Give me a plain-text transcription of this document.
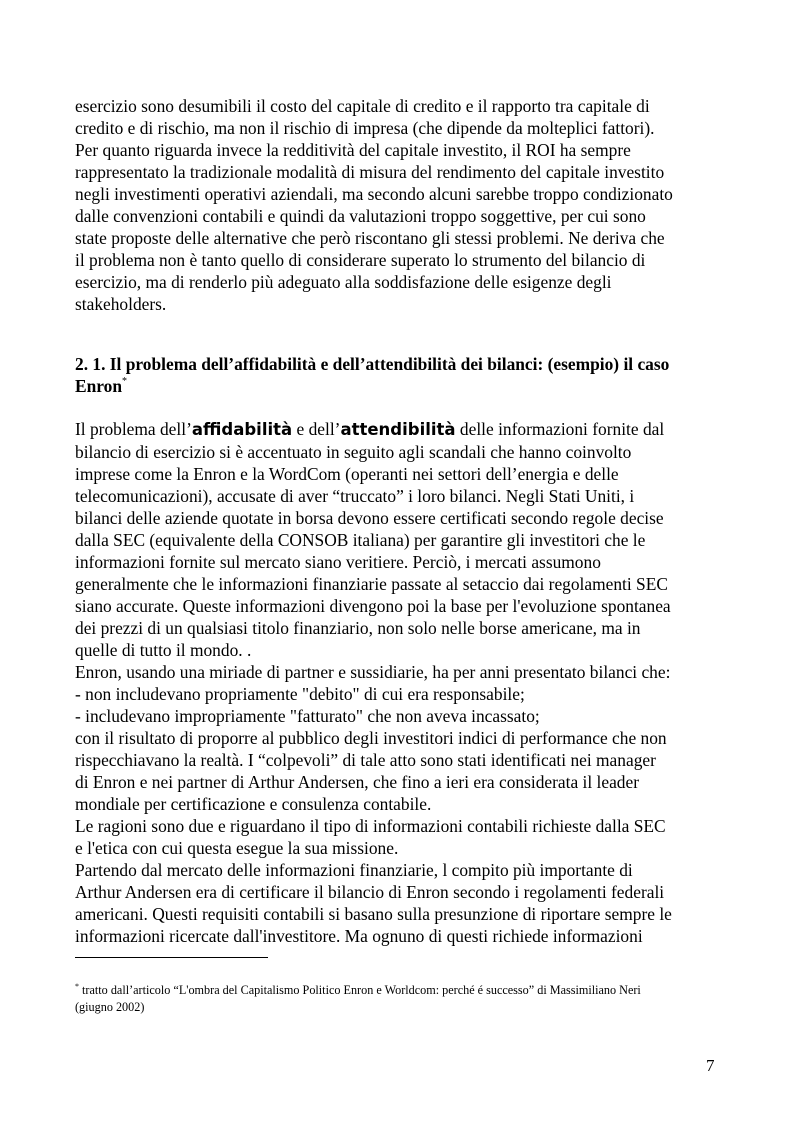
esercizio sono desumibili il costo del capitale di credito e il rapporto tra capitale di
credito e di rischio, ma non il rischio di impresa (che dipende da molteplici fattori).
Per quanto riguarda invece la redditività del capitale investito, il ROI ha sempre
rappresentato la tradizionale modalità di misura del rendimento del capitale investito
negli investimenti operativi aziendali, ma secondo alcuni sarebbe troppo condizionato
dalle convenzioni contabili e quindi da valutazioni troppo soggettive, per cui sono
state proposte delle alternative che però riscontano gli stessi problemi. Ne deriva che
il problema non è tanto quello di considerare superato lo strumento del bilancio di
esercizio, ma di renderlo più adeguato alla soddisfazione delle esigenze degli
stakeholders.
2. 1. Il problema dell’affidabilità e dell’attendibilità dei bilanci: (esempio) il caso
Enron*
Il problema dell’affidabilità e dell’attendibilità delle informazioni fornite dal
bilancio di esercizio si è accentuato in seguito agli scandali che hanno coinvolto
imprese come la Enron e la WordCom (operanti nei settori dell’energia e delle
telecomunicazioni), accusate di aver “truccato” i loro bilanci. Negli Stati Uniti, i
bilanci delle aziende quotate in borsa devono essere certificati secondo regole decise
dalla SEC (equivalente della CONSOB italiana) per garantire gli investitori che le
informazioni fornite sul mercato siano veritiere. Perciò, i mercati assumono
generalmente che le informazioni finanziarie passate al setaccio dai regolamenti SEC
siano accurate. Queste informazioni divengono poi la base per l'evoluzione spontanea
dei prezzi di un qualsiasi titolo finanziario, non solo nelle borse americane, ma in
quelle di tutto il mondo. .
Enron, usando una miriade di partner e sussidiarie, ha per anni presentato bilanci che:
- non includevano propriamente "debito" di cui era responsabile;
- includevano impropriamente "fatturato" che non aveva incassato;
con il risultato di proporre al pubblico degli investitori indici di performance che non
rispecchiavano la realtà. I “colpevoli” di tale atto sono stati identificati nei manager
di Enron e nei partner di Arthur Andersen, che fino a ieri era considerata il leader
mondiale per certificazione e consulenza contabile.
Le ragioni sono due e riguardano il tipo di informazioni contabili richieste dalla SEC
e l'etica con cui questa esegue la sua missione.
Partendo dal mercato delle informazioni finanziarie, l compito più importante di
Arthur Andersen era di certificare il bilancio di Enron secondo i regolamenti federali
americani. Questi requisiti contabili si basano sulla presunzione di riportare sempre le
informazioni ricercate dall'investitore. Ma ognuno di questi richiede informazioni
* tratto dall’articolo “L'ombra del Capitalismo Politico Enron e Worldcom: perché é successo” di Massimiliano Neri
(giugno 2002)
7
